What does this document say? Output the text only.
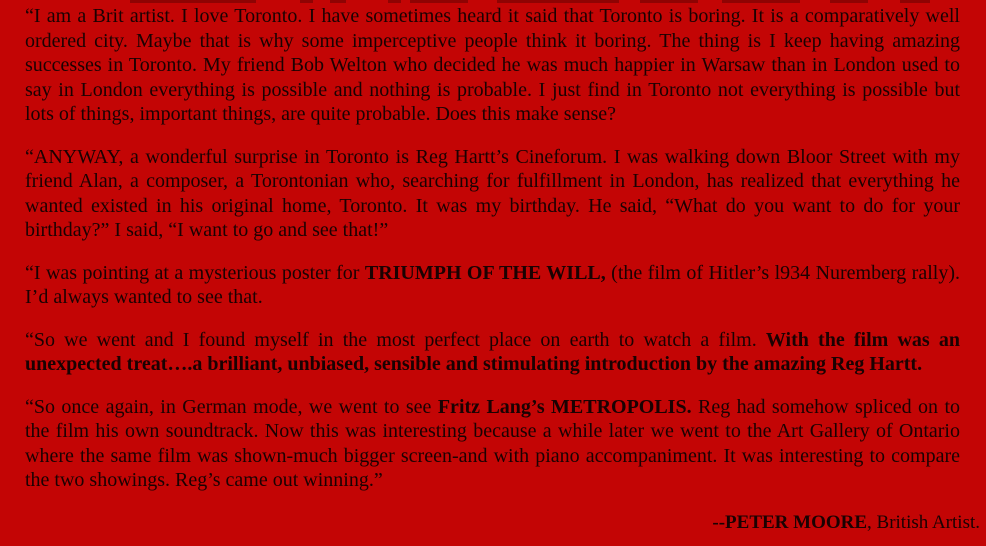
“I am a Brit artist. I love Toronto. I have sometimes heard it said that Toronto is boring. It is a comparatively well ordered city. Maybe that is why some imperceptive people think it boring. The thing is I keep having amazing successes in Toronto. My friend Bob Welton who decided he was much happier in Warsaw than in London used to say in London everything is possible and nothing is probable. I just find in Toronto not everything is possible but lots of things, important things, are quite probable. Does this make sense?

“ANYWAY, a wonderful surprise in Toronto is Reg Hartt’s Cineforum. I was walking down Bloor Street with my friend Alan, a composer, a Torontonian who, searching for fulfillment in London, has realized that everything he wanted existed in his original home, Toronto. It was my birthday. He said, “What do you want to do for your birthday?” I said, “I want to go and see that!”

“I was pointing at a mysterious poster for TRIUMPH OF THE WILL, (the film of Hitler’s l934 Nuremberg rally). I’d always wanted to see that.

“So we went and I found myself in the most perfect place on earth to watch a film. With the film was an unexpected treat….a brilliant, unbiased, sensible and stimulating introduction by the amazing Reg Hartt.

“So once again, in German mode, we went to see Fritz Lang’s METROPOLIS. Reg had somehow spliced on to the film his own soundtrack. Now this was interesting because a while later we went to the Art Gallery of Ontario where the same film was shown-much bigger screen-and with piano accompaniment. It was interesting to compare the two showings. Reg’s came out winning.”

--PETER MOORE, British Artist.
